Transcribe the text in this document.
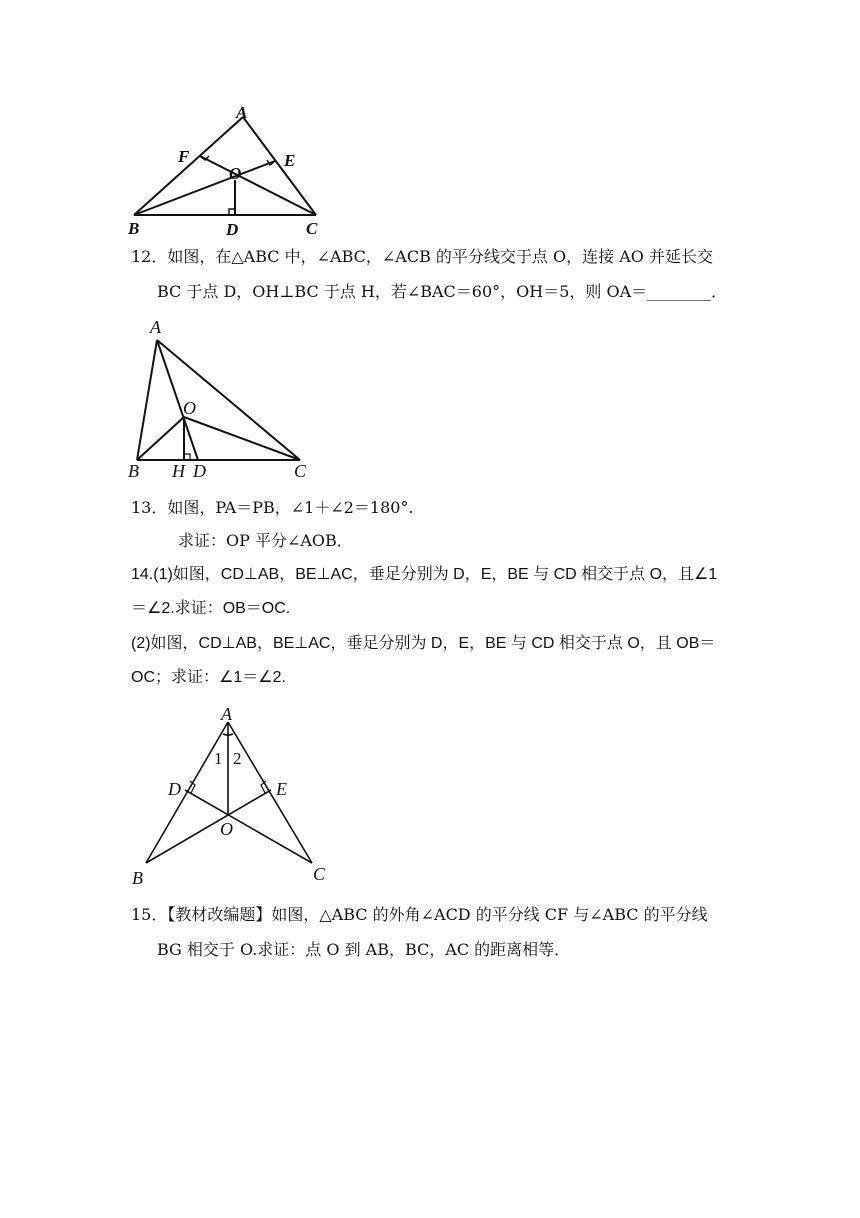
A
B	C
D
E
F
O
12．如图，在△ABC 中，∠ABC，∠ACB 的平分线交于点 O，连接 AO 并延长交
BC 于点 D，OH⊥BC 于点 H，若∠BAC＝60°，OH＝5，则 OA＝________．
A
B	C
O
H D
13．如图，PA＝PB，∠1＋∠2＝180°.
求证：OP 平分∠AOB．
14.(1)如图，CD⊥AB，BE⊥AC，垂足分别为 D，E，BE 与 CD 相交于点 O，且∠1
＝∠2.求证：OB＝OC.
(2)如图，CD⊥AB，BE⊥AC，垂足分别为 D，E，BE 与 CD 相交于点 O，且 OB＝
OC；求证：∠1＝∠2.
A
B	C
D	E
O
1 2
15．【教材改编题】如图，△ABC 的外角∠ACD 的平分线 CF 与∠ABC 的平分线
BG 相交于 O.求证：点 O 到 AB，BC，AC 的距离相等．
